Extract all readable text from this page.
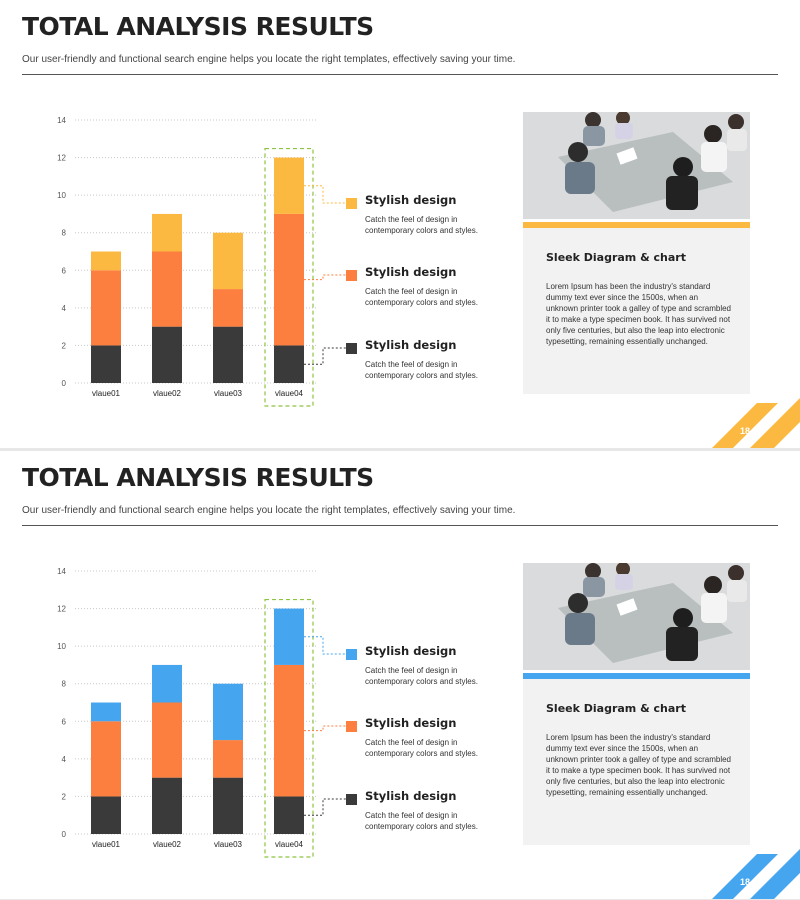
TOTAL ANALYSIS RESULTS
Our user-friendly and functional search engine helps you locate the right templates, effectively saving your time.
0
2
4
6
8
10
12
14
vlaue01	vlaue02	vlaue03	vlaue04
Stylish design
Catch the feel of design in contemporary colors and styles.
Stylish design
Catch the feel of design in contemporary colors and styles.
Stylish design
Catch the feel of design in contemporary colors and styles.
Sleek Diagram & chart
Lorem Ipsum has been the industry's standard dummy text ever since the 1500s, when an unknown printer took a galley of type and scrambled it to make a type specimen book. It has survived not only five centuries, but also the leap into electronic typesetting, remaining essentially unchanged.
18
TOTAL ANALYSIS RESULTS
Our user-friendly and functional search engine helps you locate the right templates, effectively saving your time.
0
2
4
6
8
10
12
14
vlaue01	vlaue02	vlaue03	vlaue04
Stylish design
Catch the feel of design in contemporary colors and styles.
Stylish design
Catch the feel of design in contemporary colors and styles.
Stylish design
Catch the feel of design in contemporary colors and styles.
Sleek Diagram & chart
Lorem Ipsum has been the industry's standard dummy text ever since the 1500s, when an unknown printer took a galley of type and scrambled it to make a type specimen book. It has survived not only five centuries, but also the leap into electronic typesetting, remaining essentially unchanged.
18
